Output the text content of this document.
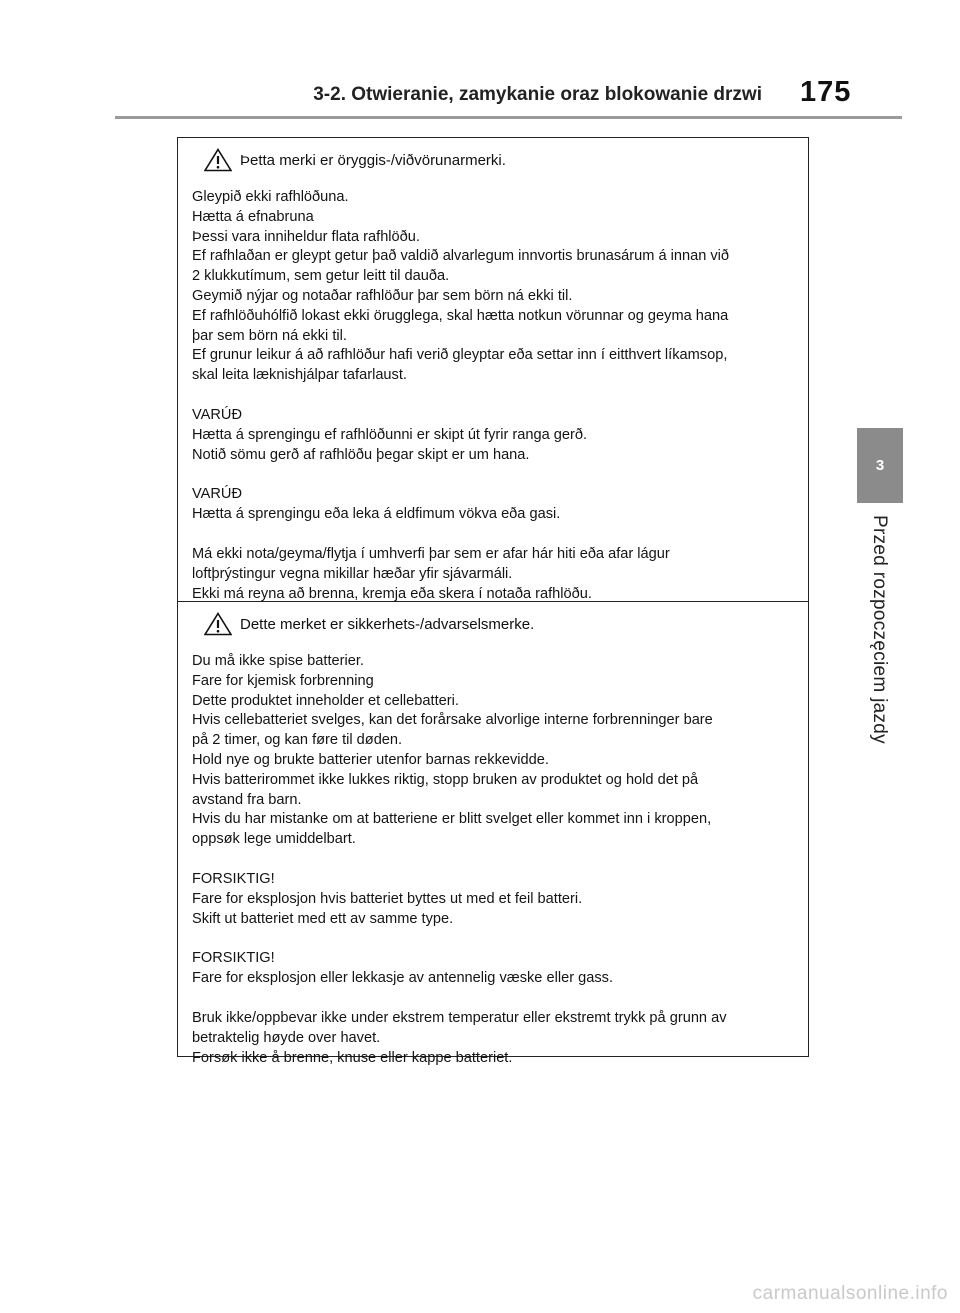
3-2. Otwieranie, zamykanie oraz blokowanie drzwi 175
3
Przed rozpoczęciem jazdy
Þetta merki er öryggis-/viðvörunarmerki.
Gleypið ekki rafhlöðuna.
Hætta á efnabruna
Þessi vara inniheldur flata rafhlöðu.
Ef rafhlaðan er gleypt getur það valdið alvarlegum innvortis brunasárum á innan við
2 klukkutímum, sem getur leitt til dauða.
Geymið nýjar og notaðar rafhlöður þar sem börn ná ekki til.
Ef rafhlöðuhólfið lokast ekki örugglega, skal hætta notkun vörunnar og geyma hana
þar sem börn ná ekki til.
Ef grunur leikur á að rafhlöður hafi verið gleyptar eða settar inn í eitthvert líkamsop,
skal leita læknishjálpar tafarlaust.
VARÚÐ
Hætta á sprengingu ef rafhlöðunni er skipt út fyrir ranga gerð.
Notið sömu gerð af rafhlöðu þegar skipt er um hana.
VARÚÐ
Hætta á sprengingu eða leka á eldfimum vökva eða gasi.
Má ekki nota/geyma/flytja í umhverfi þar sem er afar hár hiti eða afar lágur
loftþrýstingur vegna mikillar hæðar yfir sjávarmáli.
Ekki má reyna að brenna, kremja eða skera í notaða rafhlöðu.
Dette merket er sikkerhets-/advarselsmerke.
Du må ikke spise batterier.
Fare for kjemisk forbrenning
Dette produktet inneholder et cellebatteri.
Hvis cellebatteriet svelges, kan det forårsake alvorlige interne forbrenninger bare
på 2 timer, og kan føre til døden.
Hold nye og brukte batterier utenfor barnas rekkevidde.
Hvis batterirommet ikke lukkes riktig, stopp bruken av produktet og hold det på
avstand fra barn.
Hvis du har mistanke om at batteriene er blitt svelget eller kommet inn i kroppen,
oppsøk lege umiddelbart.
FORSIKTIG!
Fare for eksplosjon hvis batteriet byttes ut med et feil batteri.
Skift ut batteriet med ett av samme type.
FORSIKTIG!
Fare for eksplosjon eller lekkasje av antennelig væske eller gass.
Bruk ikke/oppbevar ikke under ekstrem temperatur eller ekstremt trykk på grunn av
betraktelig høyde over havet.
Forsøk ikke å brenne, knuse eller kappe batteriet.
carmanualsonline.info
